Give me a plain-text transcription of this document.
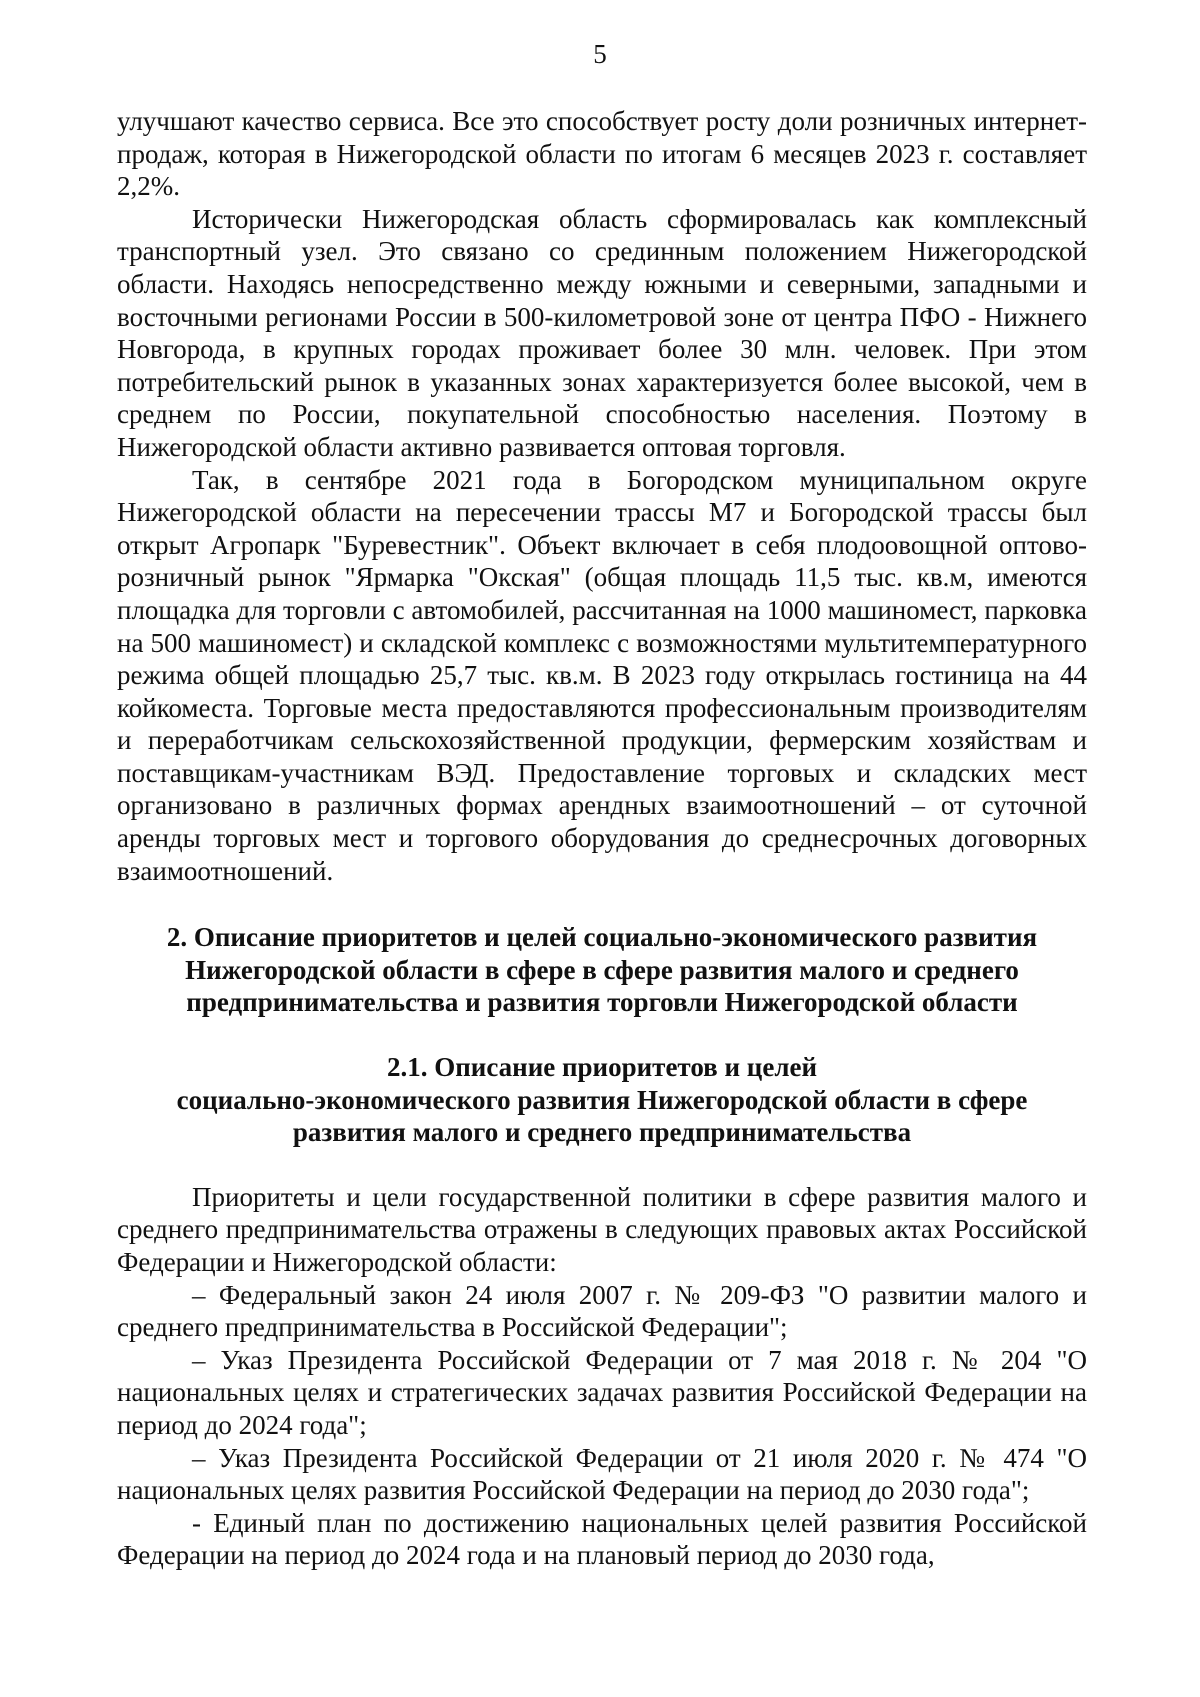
5

улучшают качество сервиса. Все это способствует росту доли розничных интернет-продаж, которая в Нижегородской области по итогам 6 месяцев 2023 г. составляет 2,2%.

Исторически Нижегородская область сформировалась как комплексный транспортный узел. Это связано со срединным положением Нижегородской области. Находясь непосредственно между южными и северными, западными и восточными регионами России в 500-километровой зоне от центра ПФО - Нижнего Новгорода, в крупных городах проживает более 30 млн. человек. При этом потребительский рынок в указанных зонах характеризуется более высокой, чем в среднем по России, покупательной способностью населения. Поэтому в Нижегородской области активно развивается оптовая торговля.

Так, в сентябре 2021 года в Богородском муниципальном округе Нижегородской области на пересечении трассы М7 и Богородской трассы был открыт Агропарк "Буревестник". Объект включает в себя плодоовощной оптово-розничный рынок "Ярмарка "Окская" (общая площадь 11,5 тыс. кв.м, имеются площадка для торговли с автомобилей, рассчитанная на 1000 машиномест, парковка на 500 машиномест) и складской комплекс с возможностями мультитемпературного режима общей площадью 25,7 тыс. кв.м. В 2023 году открылась гостиница на 44 койкоместа. Торговые места предоставляются профессиональным производителям и переработчикам сельскохозяйственной продукции, фермерским хозяйствам и поставщикам-участникам ВЭД. Предоставление торговых и складских мест организовано в различных формах арендных взаимоотношений – от суточной аренды торговых мест и торгового оборудования до среднесрочных договорных взаимоотношений.

2. Описание приоритетов и целей социально-экономического развития
Нижегородской области в сфере в сфере развития малого и среднего
предпринимательства и развития торговли Нижегородской области
2.1. Описание приоритетов и целей
социально-экономического развития Нижегородской области в сфере
развития малого и среднего предпринимательства

Приоритеты и цели государственной политики в сфере развития малого и среднего предпринимательства отражены в следующих правовых актах Российской Федерации и Нижегородской области:

– Федеральный закон 24 июля 2007 г. № 209-ФЗ "О развитии малого и среднего предпринимательства в Российской Федерации";

– Указ Президента Российской Федерации от 7 мая 2018 г. № 204 "О национальных целях и стратегических задачах развития Российской Федерации на период до 2024 года";

– Указ Президента Российской Федерации от 21 июля 2020 г. № 474 "О национальных целях развития Российской Федерации на период до 2030 года";

- Единый план по достижению национальных целей развития Российской Федерации на период до 2024 года и на плановый период до 2030 года,
